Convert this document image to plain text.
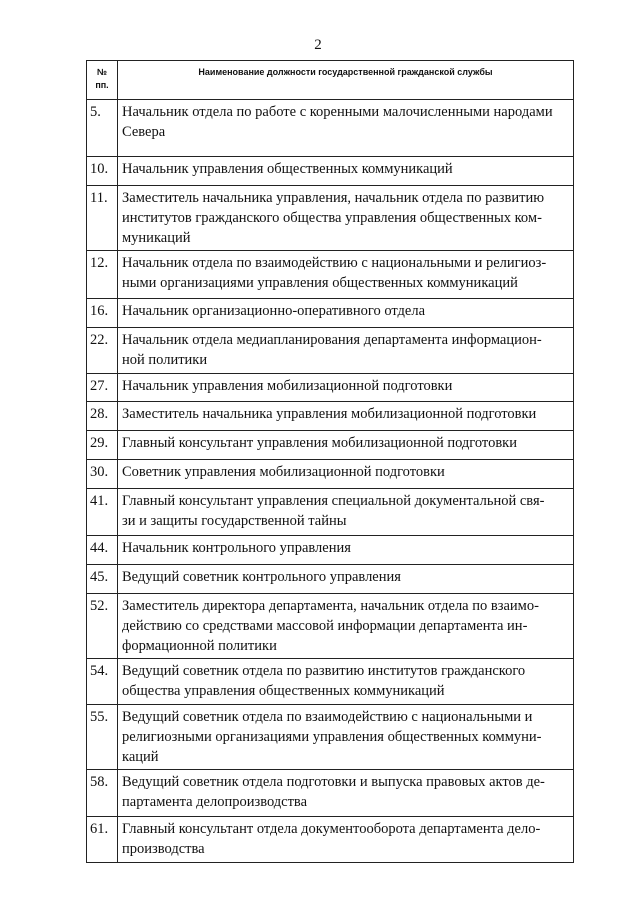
2
№
пп.	Наименование должности государственной гражданской службы
5.	Начальник отдела по работе с коренными малочисленными народами
Севера

10.	Начальник управления общественных коммуникаций

11.	Заместитель начальника управления, начальник отдела по развитию
институтов гражданского общества управления общественных ком-
муникаций

12.	Начальник отдела по взаимодействию с национальными и религиоз-
ными организациями управления общественных коммуникаций

16.	Начальник организационно-оперативного отдела

22.	Начальник отдела медиапланирования департамента информацион-
ной политики

27.	Начальник управления мобилизационной подготовки

28.	Заместитель начальника управления мобилизационной подготовки

29.	Главный консультант управления мобилизационной подготовки

30.	Советник управления мобилизационной подготовки

41.	Главный консультант управления специальной документальной свя-
зи и защиты государственной тайны

44.	Начальник контрольного управления

45.	Ведущий советник контрольного управления

52.	Заместитель директора департамента, начальник отдела по взаимо-
действию со средствами массовой информации департамента ин-
формационной политики

54.	Ведущий советник отдела по развитию институтов гражданского
общества управления общественных коммуникаций

55.	Ведущий советник отдела по взаимодействию с национальными и
религиозными организациями управления общественных коммуни-
каций

58.	Ведущий советник отдела подготовки и выпуска правовых актов де-
партамента делопроизводства

61.	Главный консультант отдела документооборота департамента дело-
производства
